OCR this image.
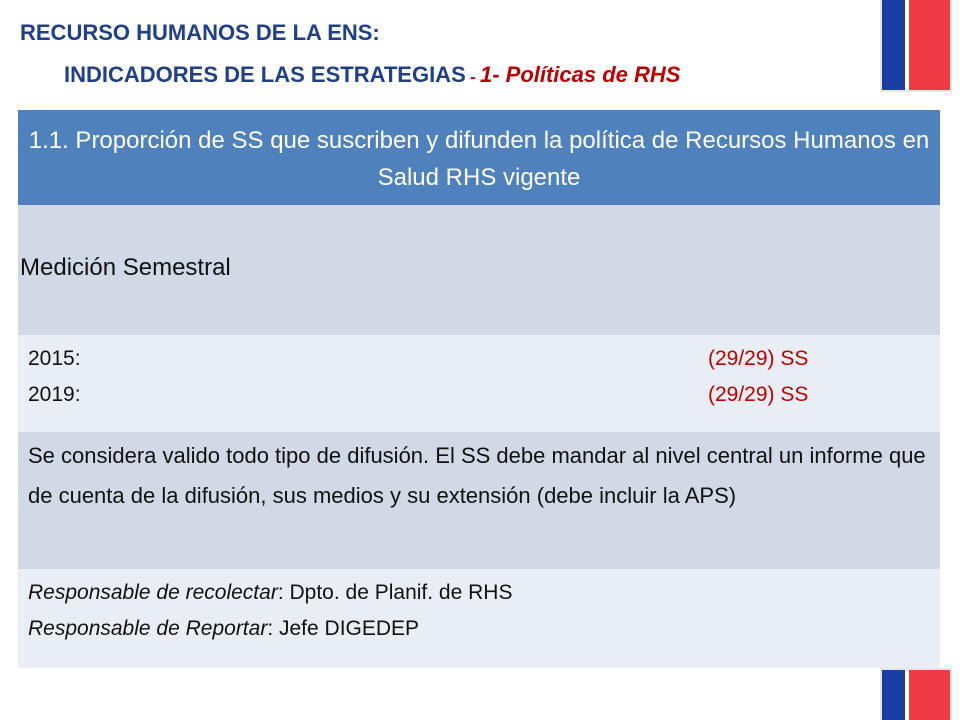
RECURSO HUMANOS DE LA ENS:
INDICADORES DE LAS ESTRATEGIAS - 1- Políticas de RHS
1.1. Proporción de SS que suscriben y difunden la política de Recursos Humanos en Salud RHS vigente
Medición Semestral
2015:	(29/29) SS
2019:	(29/29) SS
Se considera valido todo tipo de difusión. El SS debe mandar al nivel central un informe que de cuenta de la difusión, sus medios y su extensión (debe incluir la APS)
Responsable de recolectar: Dpto. de Planif. de RHS
Responsable de Reportar: Jefe DIGEDEP
